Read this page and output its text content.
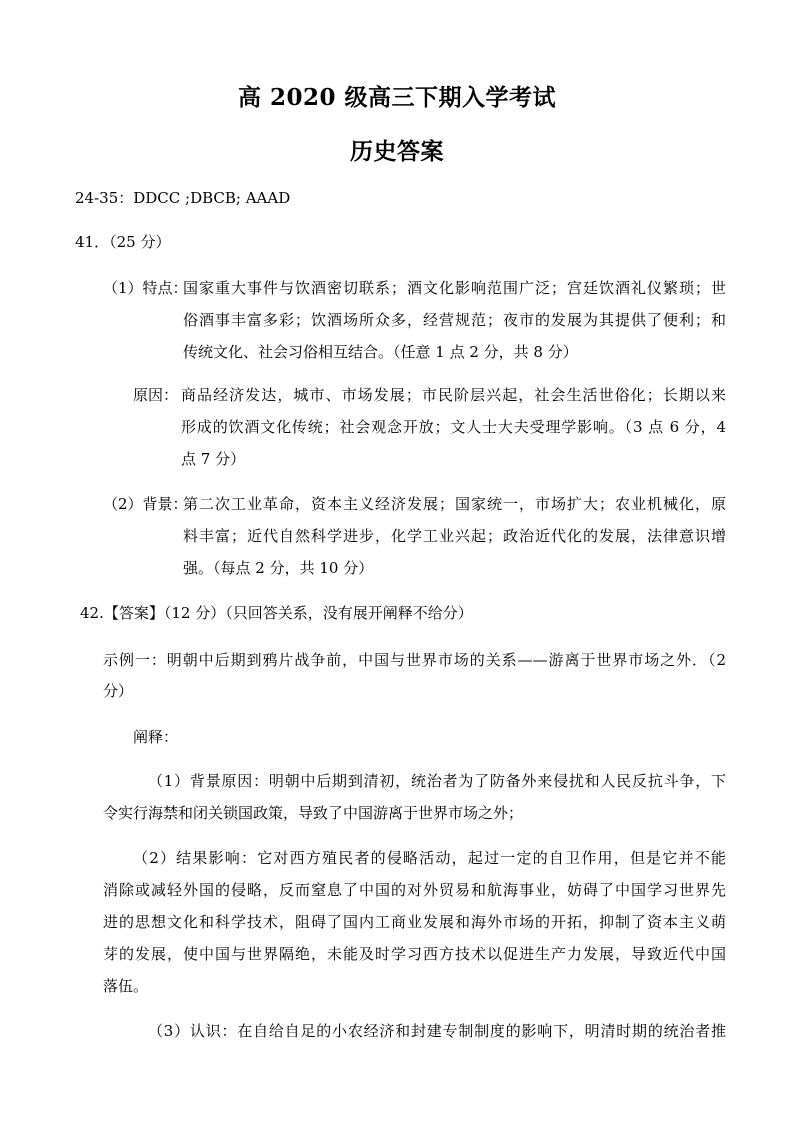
高 2020 级高三下期入学考试
历史答案
24-35：DDCC ;DBCB; AAAD
41．（25 分）
（1）特点：
国家重大事件与饮酒密切联系；酒文化影响范围广泛；宫廷饮酒礼仪繁琐；世
俗酒事丰富多彩；饮酒场所众多，经营规范；夜市的发展为其提供了便利；和
传统文化、社会习俗相互结合。（任意 1 点 2 分，共 8 分）
原因： 商品经济发达，城市、市场发展；市民阶层兴起，社会生活世俗化；长期以来
形成的饮酒文化传统；社会观念开放；文人士大夫受理学影响。（3 点 6 分，4
点 7 分）
（2）背景：
第二次工业革命，资本主义经济发展；国家统一，市场扩大；农业机械化，原
料丰富；近代自然科学进步，化学工业兴起；政治近代化的发展，法律意识增
强。（每点 2 分，共 10 分）
42.【答案】（12 分）（只回答关系，没有展开阐释不给分）
示例一：明朝中后期到鸦片战争前，中国与世界市场的关系——游离于世界市场之外．（2
分）
阐释：
（1）背景原因：明朝中后期到清初，统治者为了防备外来侵扰和人民反抗斗争，下
令实行海禁和闭关锁国政策，导致了中国游离于世界市场之外；
（2）结果影响：它对西方殖民者的侵略活动，起过一定的自卫作用，但是它并不能
消除或减轻外国的侵略，反而窒息了中国的对外贸易和航海事业，妨碍了中国学习世界先
进的思想文化和科学技术，阻碍了国内工商业发展和海外市场的开拓，抑制了资本主义萌
芽的发展，使中国与世界隔绝，未能及时学习西方技术以促进生产力发展，导致近代中国
落伍。
（3）认识：在自给自足的小农经济和封建专制制度的影响下，明清时期的统治者推
